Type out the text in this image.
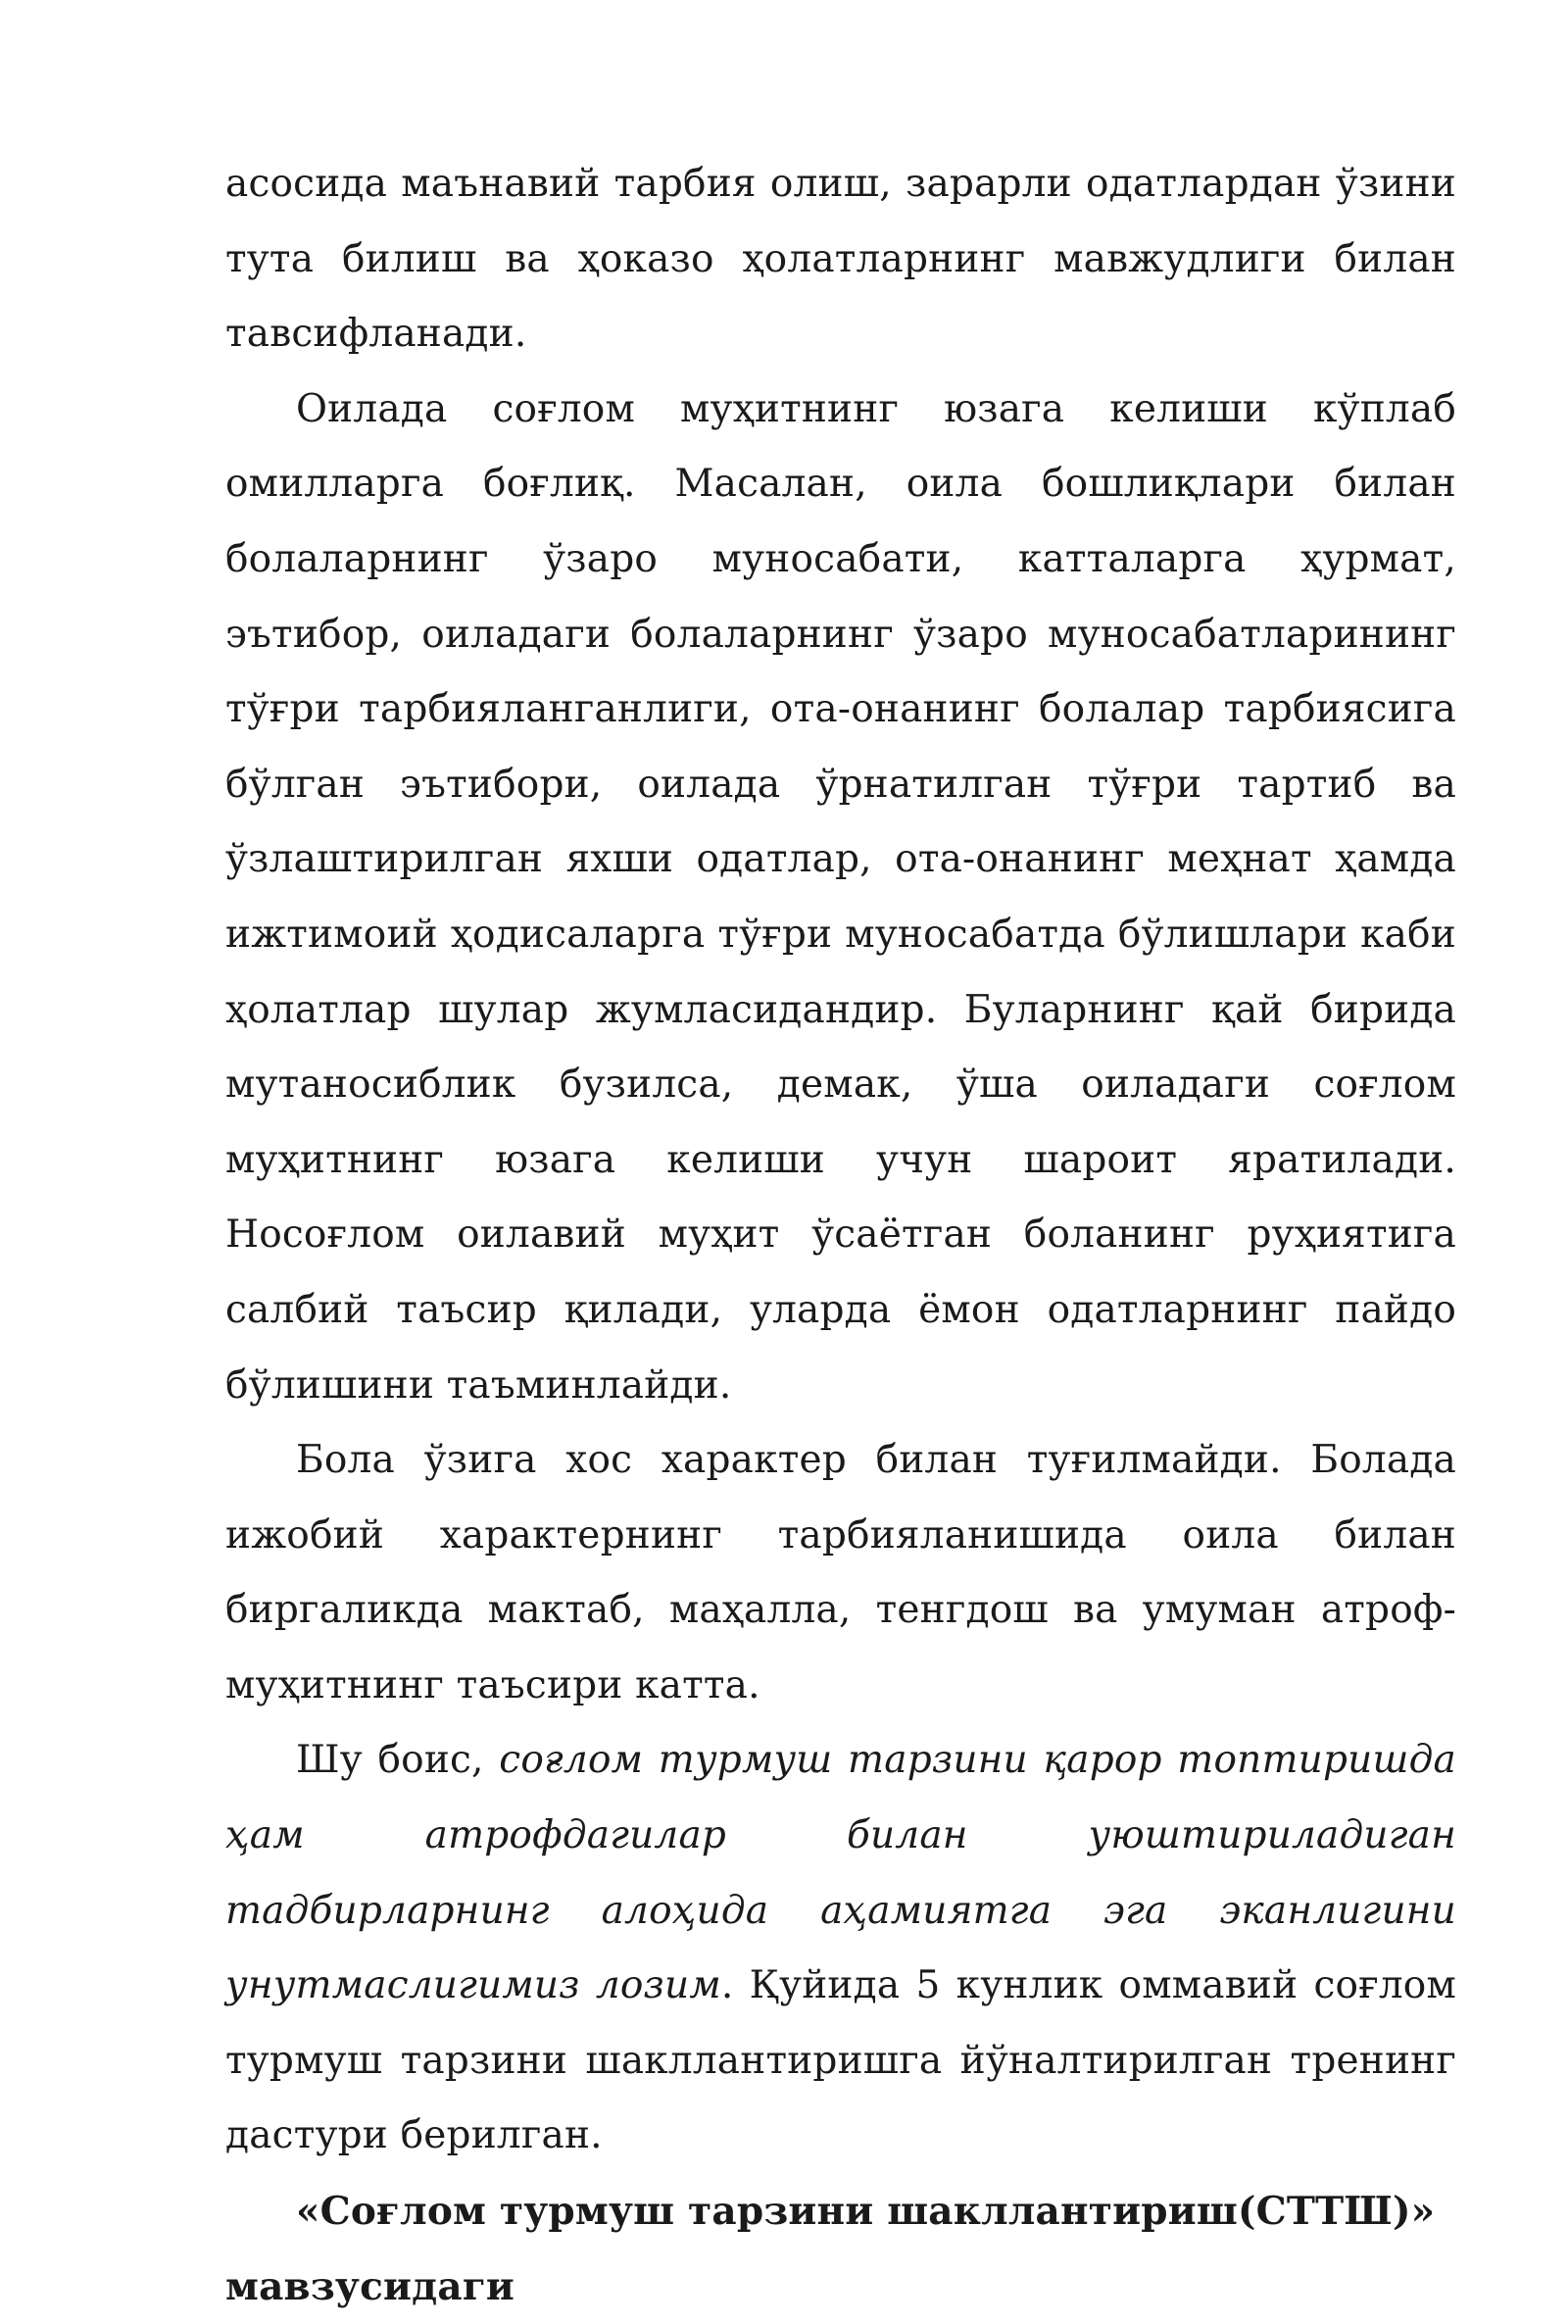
асосида маънавий тарбия олиш, зарарли одатлардан ўзини тута билиш ва ҳоказо ҳолатларнинг мавжудлиги билан тавсифланади.

Оилада соғлом муҳитнинг юзага келиши кўплаб омилларга боғлиқ. Масалан, оила бошлиқлари билан болаларнинг ўзаро муносабати, катталарга ҳурмат, эътибор, оиладаги болаларнинг ўзаро муносабатларининг тўғри тарбияланганлиги, ота-онанинг болалар тарбиясига бўлган эътибори, оилада ўрнатилган тўғри тартиб ва ўзлаштирилган яхши одатлар, ота-онанинг меҳнат ҳамда ижтимоий ҳодисаларга тўғри муносабатда бўлишлари каби ҳолатлар шулар жумласидандир. Буларнинг қай бирида мутаносиблик бузилса, демак, ўша оиладаги соғлом муҳитнинг юзага келиши учун шароит яратилади. Носоғлом оилавий муҳит ўсаётган боланинг руҳиятига салбий таъсир қилади, уларда ёмон одатларнинг пайдо бўлишини таъминлайди.

Бола ўзига хос характер билан туғилмайди. Болада ижобий характернинг тарбияланишида оила билан биргаликда мактаб, маҳалла, тенгдош ва умуман атроф-муҳитнинг таъсири катта.

Шу боис, соғлом турмуш тарзини қарор топтиришда ҳам атрофдагилар билан уюштириладиган тадбирларнинг алоҳида аҳамиятга эга эканлигини унутмаслигимиз лозим. Қуйида 5 кунлик оммавий соғлом турмуш тарзини шакллантиришга йўналтирилган тренинг дастури берилган.

«Соғлом турмуш тарзини шакллантириш(СТТШ)»

мавзусидаги
